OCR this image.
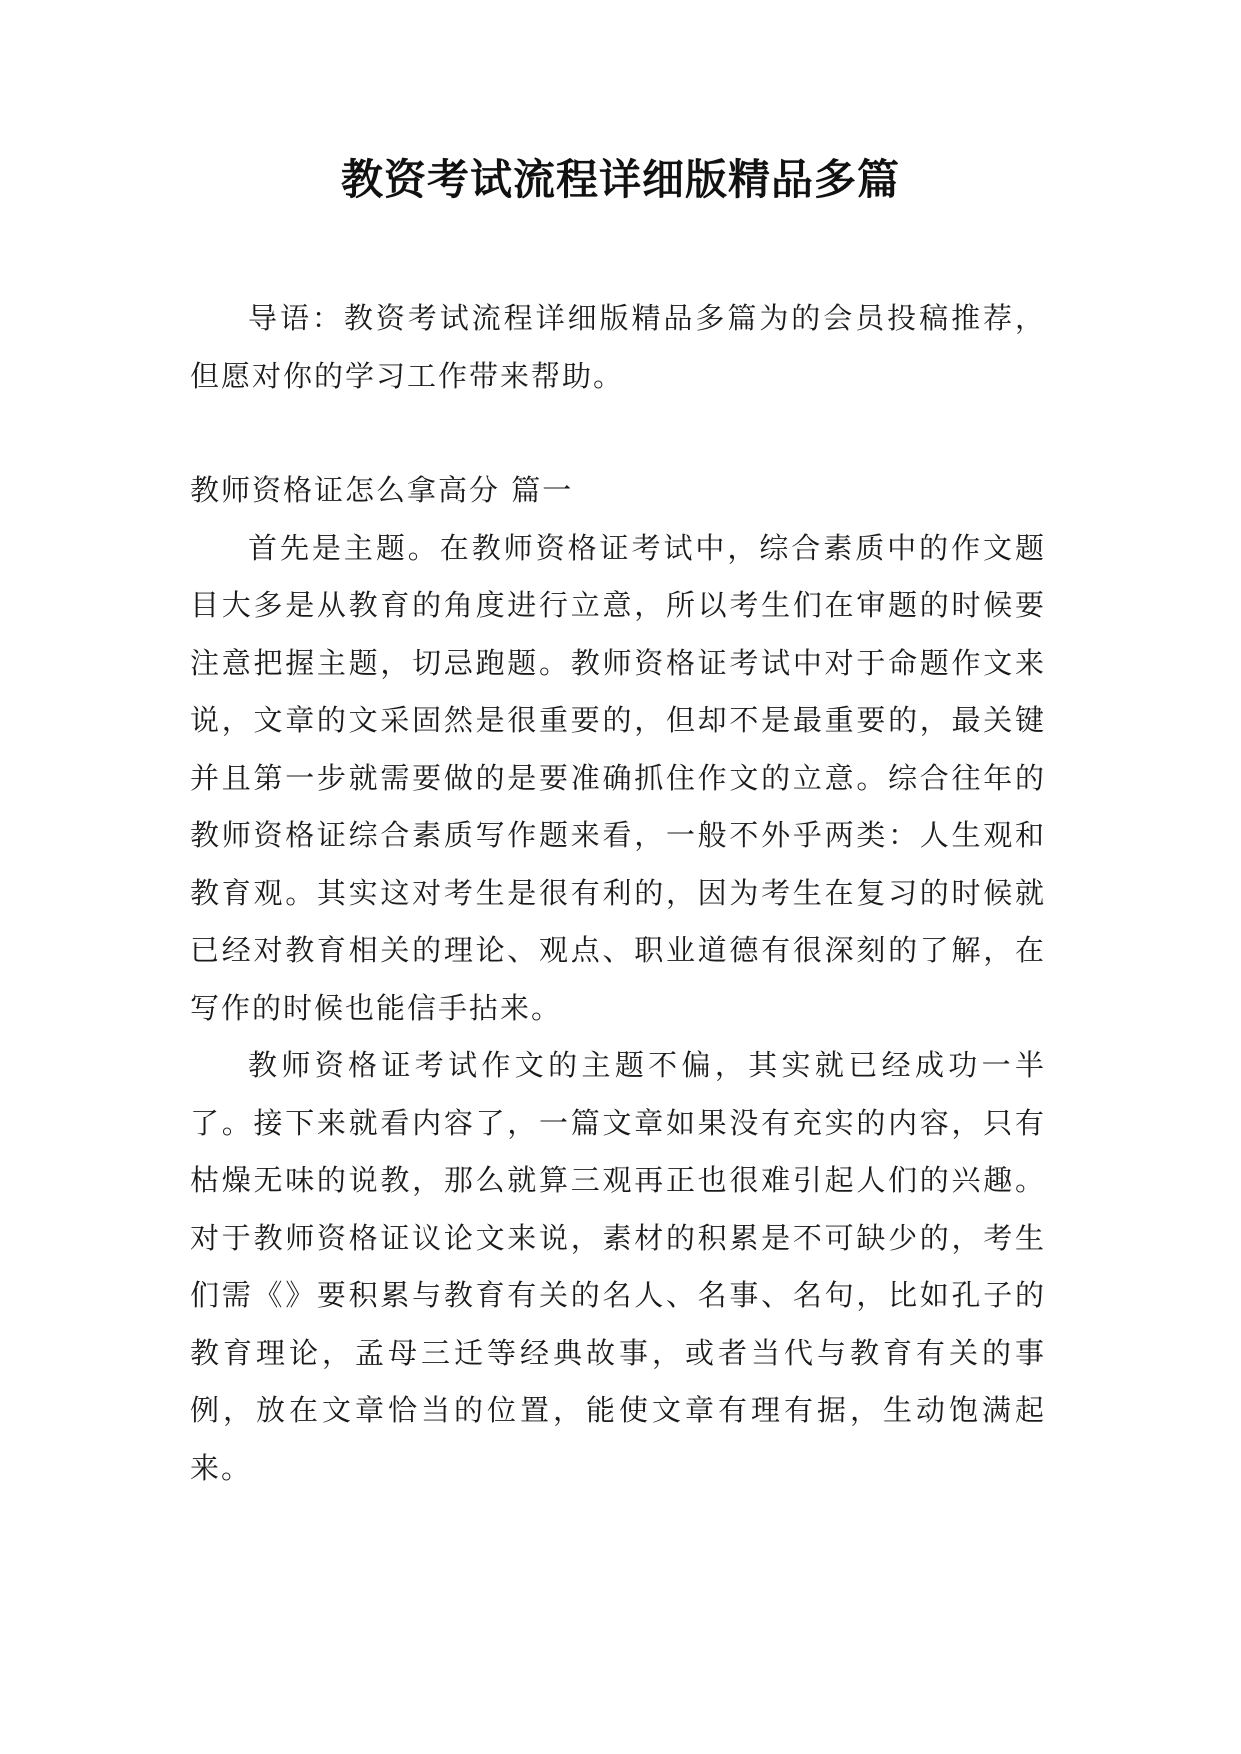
教资考试流程详细版精品多篇

导语：教资考试流程详细版精品多篇为的会员投稿推荐，但愿对你的学习工作带来帮助。

教师资格证怎么拿高分 篇一

首先是主题。在教师资格证考试中，综合素质中的作文题目大多是从教育的角度进行立意，所以考生们在审题的时候要注意把握主题，切忌跑题。教师资格证考试中对于命题作文来说，文章的文采固然是很重要的，但却不是最重要的，最关键并且第一步就需要做的是要准确抓住作文的立意。综合往年的教师资格证综合素质写作题来看，一般不外乎两类：人生观和教育观。其实这对考生是很有利的，因为考生在复习的时候就已经对教育相关的理论、观点、职业道德有很深刻的了解，在写作的时候也能信手拈来。

教师资格证考试作文的主题不偏，其实就已经成功一半了。接下来就看内容了，一篇文章如果没有充实的内容，只有枯燥无味的说教，那么就算三观再正也很难引起人们的兴趣。对于教师资格证议论文来说，素材的积累是不可缺少的，考生们需《》要积累与教育有关的名人、名事、名句，比如孔子的教育理论，孟母三迁等经典故事，或者当代与教育有关的事例，放在文章恰当的位置，能使文章有理有据，生动饱满起来。
